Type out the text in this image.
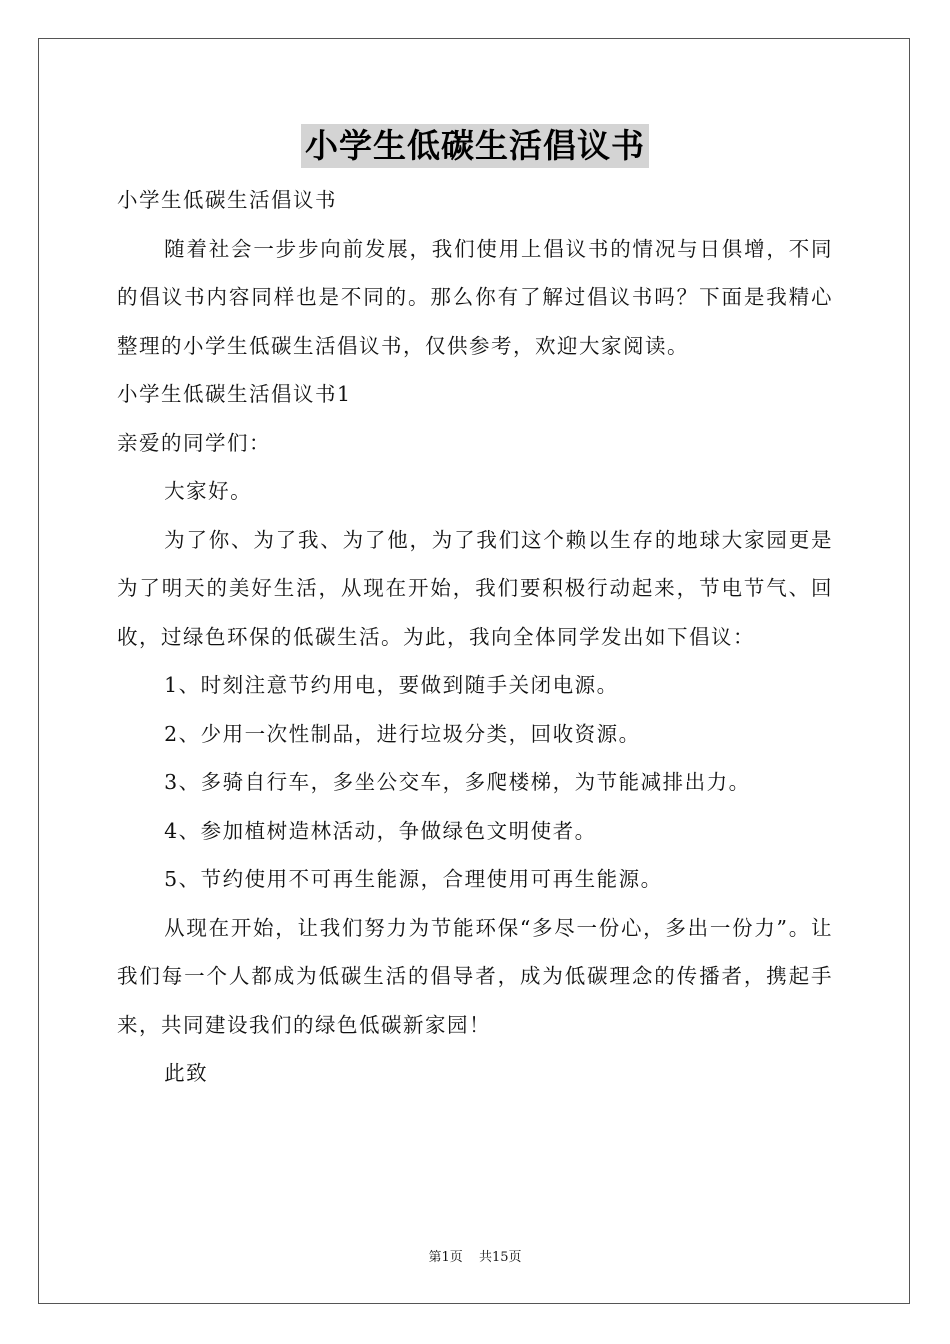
小学生低碳生活倡议书

小学生低碳生活倡议书

随着社会一步步向前发展，我们使用上倡议书的情况与日俱增，不同的倡议书内容同样也是不同的。那么你有了解过倡议书吗？下面是我精心整理的小学生低碳生活倡议书，仅供参考，欢迎大家阅读。

小学生低碳生活倡议书1

亲爱的同学们：

大家好。

为了你、为了我、为了他，为了我们这个赖以生存的地球大家园更是为了明天的美好生活，从现在开始，我们要积极行动起来，节电节气、回收，过绿色环保的低碳生活。为此，我向全体同学发出如下倡议：

1、时刻注意节约用电，要做到随手关闭电源。

2、少用一次性制品，进行垃圾分类，回收资源。

3、多骑自行车，多坐公交车，多爬楼梯，为节能减排出力。

4、参加植树造林活动，争做绿色文明使者。

5、节约使用不可再生能源，合理使用可再生能源。

从现在开始，让我们努力为节能环保“多尽一份心，多出一份力”。让我们每一个人都成为低碳生活的倡导者，成为低碳理念的传播者，携起手来，共同建设我们的绿色低碳新家园！

此致

第1页 共15页
